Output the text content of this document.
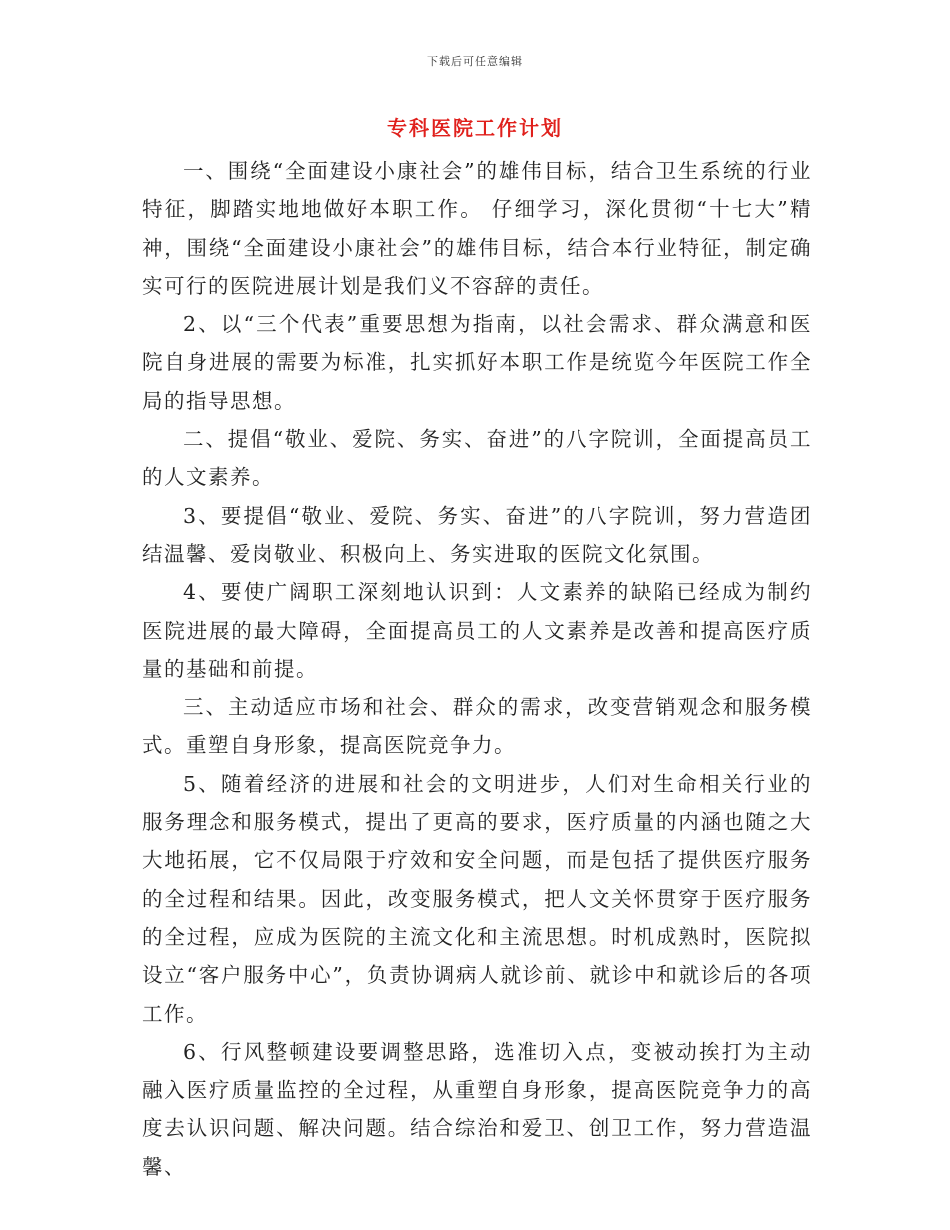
下载后可任意编辑
专科医院工作计划

一、围绕“全面建设小康社会”的雄伟目标，结合卫生系统的行业特征，脚踏实地地做好本职工作。 仔细学习，深化贯彻“十七大”精神，围绕“全面建设小康社会”的雄伟目标，结合本行业特征，制定确实可行的医院进展计划是我们义不容辞的责任。

2、以“三个代表”重要思想为指南，以社会需求、群众满意和医院自身进展的需要为标准，扎实抓好本职工作是统览今年医院工作全局的指导思想。

二、提倡“敬业、爱院、务实、奋进”的八字院训，全面提高员工的人文素养。

3、要提倡“敬业、爱院、务实、奋进”的八字院训，努力营造团结温馨、爱岗敬业、积极向上、务实进取的医院文化氛围。

4、要使广阔职工深刻地认识到：人文素养的缺陷已经成为制约医院进展的最大障碍，全面提高员工的人文素养是改善和提高医疗质量的基础和前提。

三、主动适应市场和社会、群众的需求，改变营销观念和服务模式。重塑自身形象，提高医院竞争力。

5、随着经济的进展和社会的文明进步，人们对生命相关行业的服务理念和服务模式，提出了更高的要求，医疗质量的内涵也随之大大地拓展，它不仅局限于疗效和安全问题，而是包括了提供医疗服务的全过程和结果。因此，改变服务模式，把人文关怀贯穿于医疗服务的全过程，应成为医院的主流文化和主流思想。时机成熟时，医院拟设立“客户服务中心”，负责协调病人就诊前、就诊中和就诊后的各项工作。

6、行风整顿建设要调整思路，选准切入点，变被动挨打为主动融入医疗质量监控的全过程，从重塑自身形象，提高医院竞争力的高度去认识问题、解决问题。结合综治和爱卫、创卫工作，努力营造温馨、
